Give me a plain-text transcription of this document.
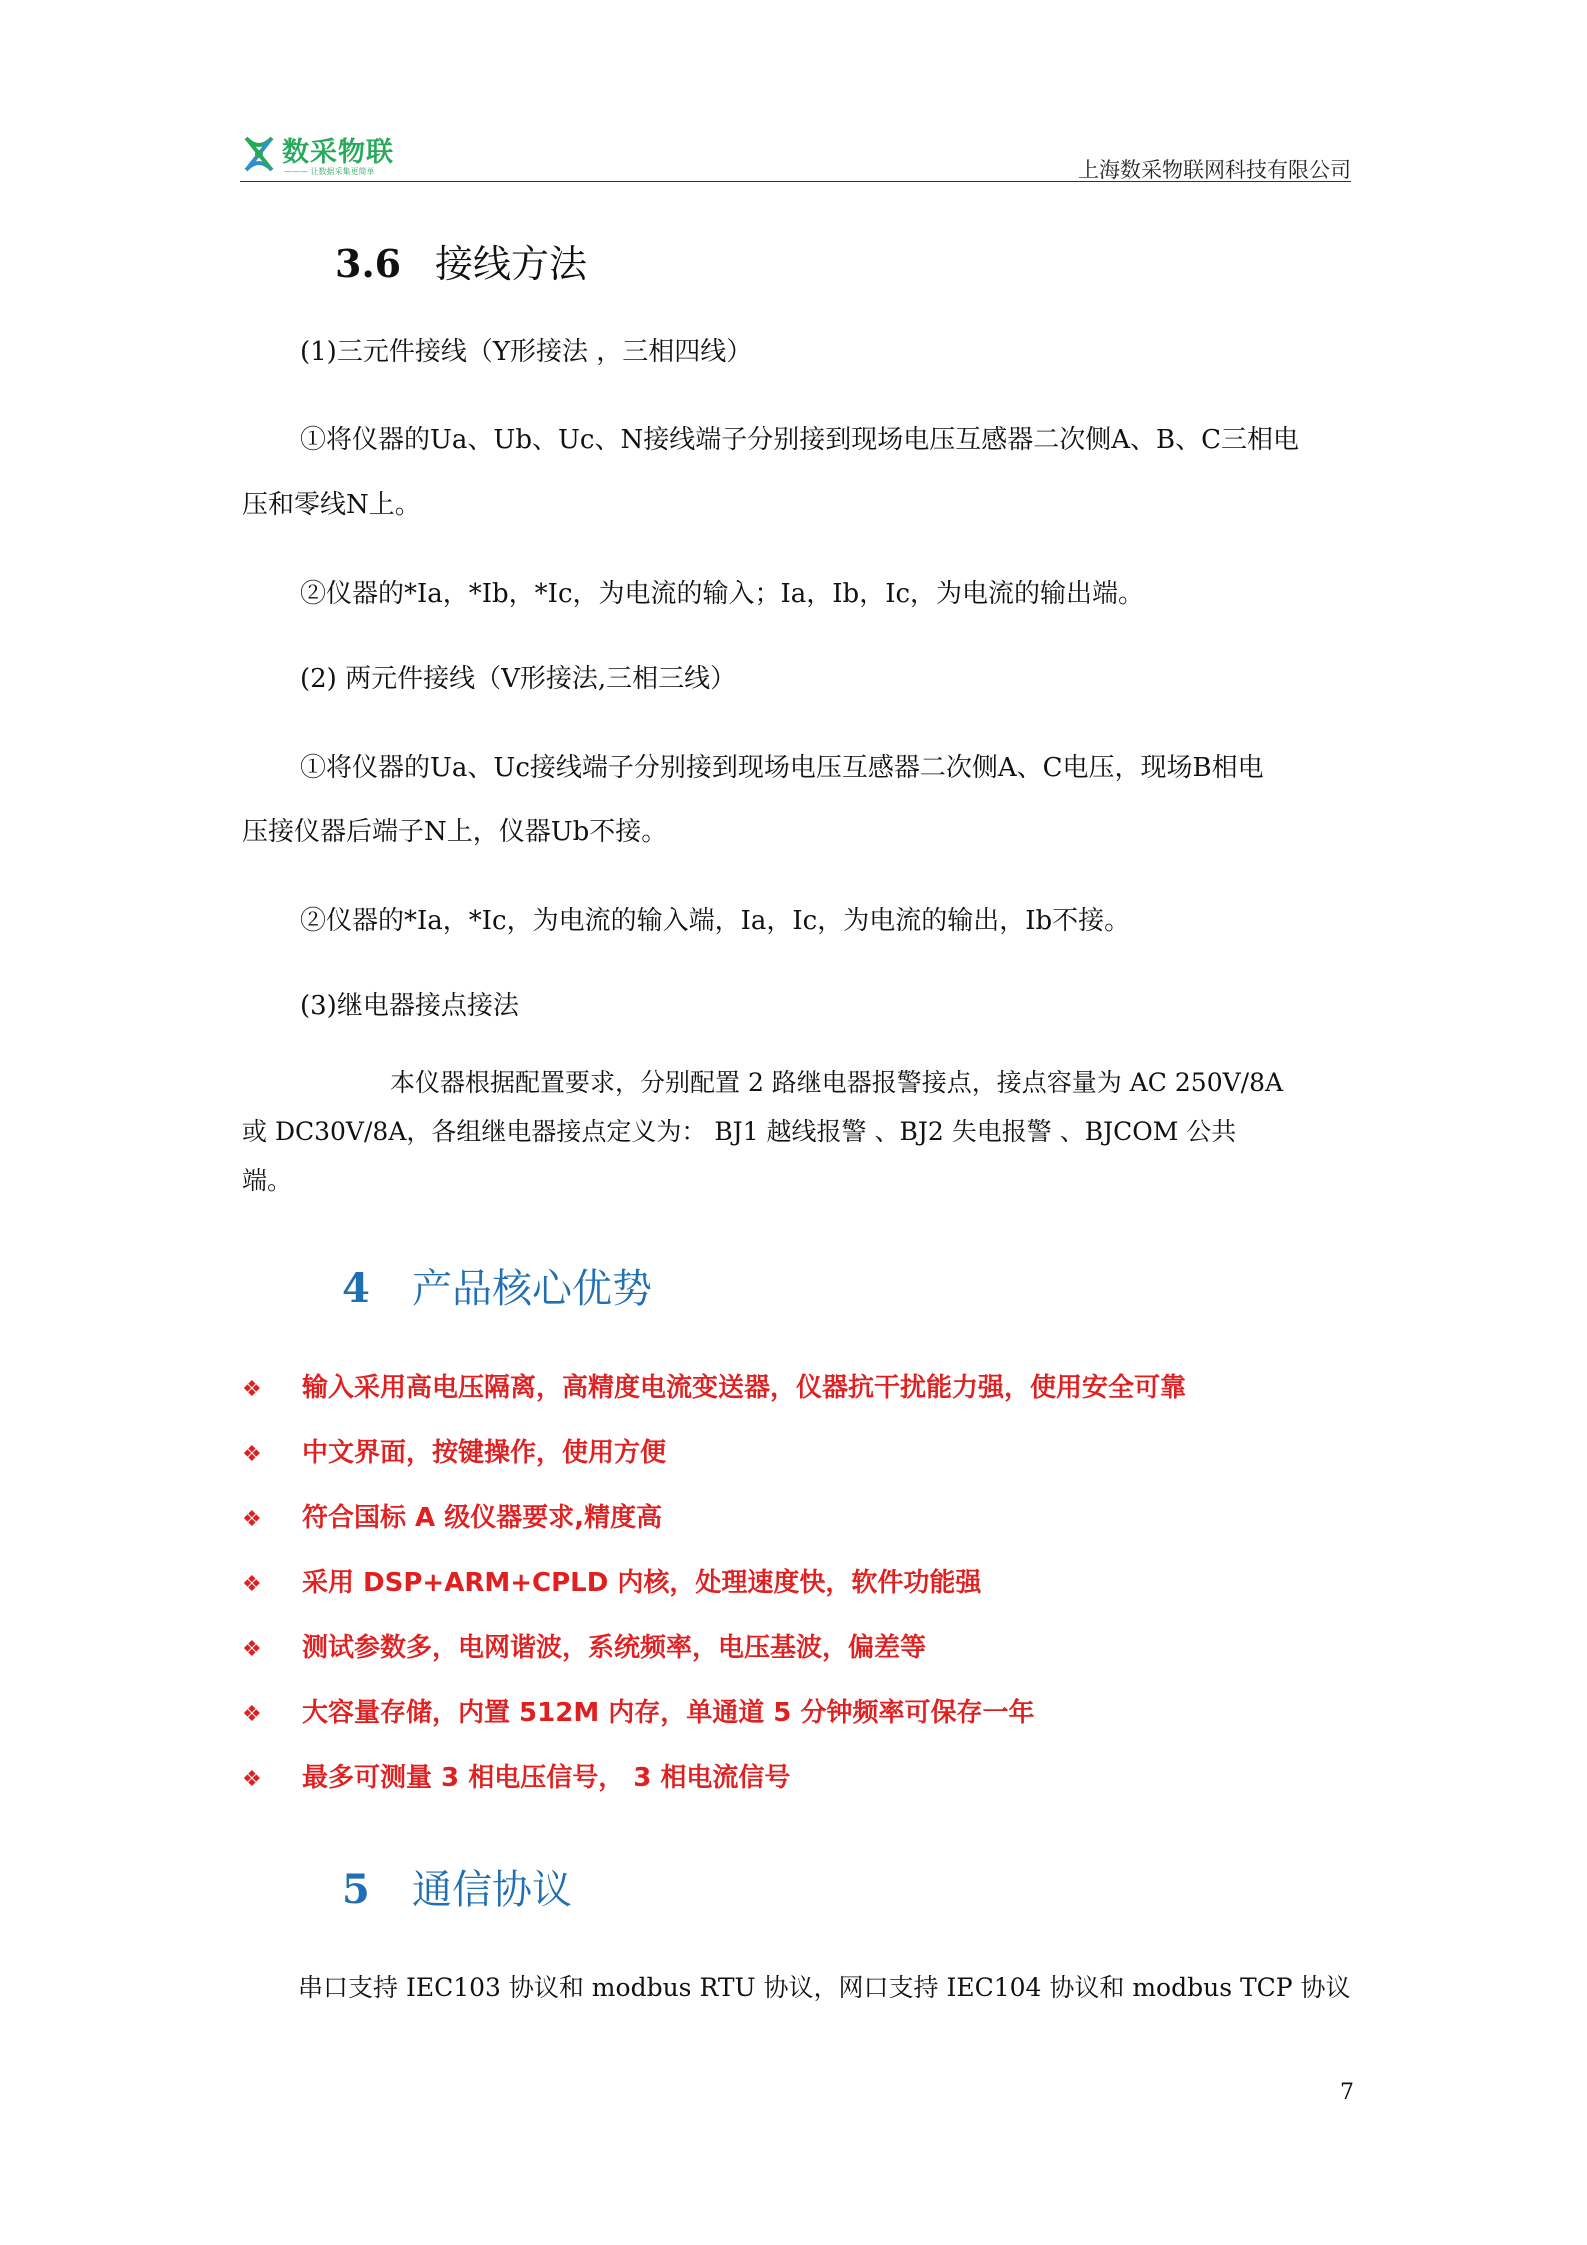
数采物联
——— 让数据采集更简单	上海数采物联网科技有限公司
3.6 接线方法
(1)三元件接线（Y形接法 ，三相四线）
①将仪器的Ua、Ub、Uc、N接线端子分别接到现场电压互感器二次侧A、B、C三相电
压和零线N上。
②仪器的*Ia，*Ib，*Ic，为电流的输入；Ia，Ib，Ic，为电流的输出端。
(2) 两元件接线（V形接法,三相三线）
①将仪器的Ua、Uc接线端子分别接到现场电压互感器二次侧A、C电压，现场B相电
压接仪器后端子N上，仪器Ub不接。
②仪器的*Ia，*Ic，为电流的输入端，Ia，Ic，为电流的输出，Ib不接。
(3)继电器接点接法
本仪器根据配置要求，分别配置 2 路继电器报警接点，接点容量为 AC 250V/8A
或 DC30V/8A，各组继电器接点定义为： BJ1 越线报警 、BJ2 失电报警 、BJCOM 公共
端。
4 产品核心优势
❖ 输入采用高电压隔离，高精度电流变送器，仪器抗干扰能力强，使用安全可靠
❖ 中文界面，按键操作，使用方便
❖ 符合国标 A 级仪器要求,精度高
❖ 采用 DSP+ARM+CPLD 内核，处理速度快，软件功能强
❖ 测试参数多，电网谐波，系统频率，电压基波，偏差等
❖ 大容量存储，内置 512M 内存，单通道 5 分钟频率可保存一年
❖ 最多可测量 3 相电压信号， 3 相电流信号
5 通信协议
串口支持 IEC103 协议和 modbus RTU 协议，网口支持 IEC104 协议和 modbus TCP 协议
7
